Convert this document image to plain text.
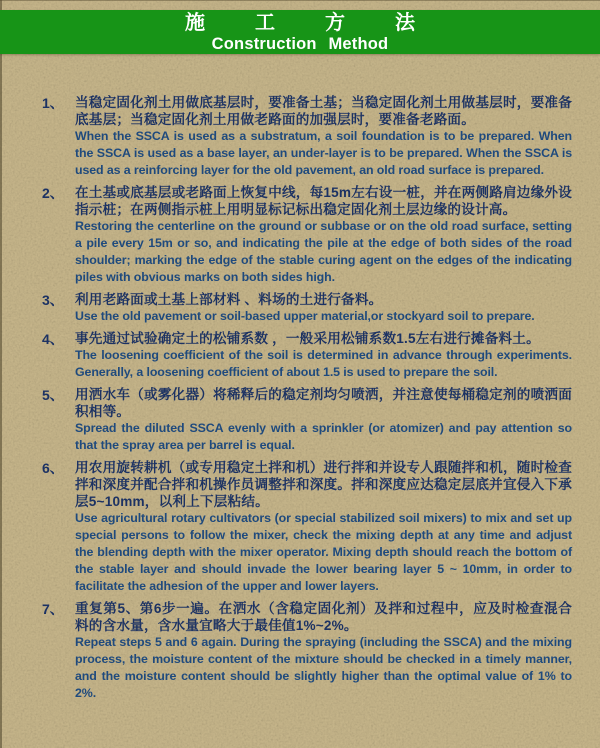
施工方法
Construction Method
1、 当稳定固化剂土用做底基层时，要准备土基；当稳定固化剂土用做基层时，要准备底基层；当稳定固化剂土用做老路面的加强层时，要准备老路面。

When the SSCA is used as a substratum, a soil foundation is to be prepared. When the SSCA is used as a base layer, an under-layer is to be prepared. When the SSCA is used as a reinforcing layer for the old pavement, an old road surface is prepared.

2、 在土基或底基层或老路面上恢复中线，每15m左右设一桩，并在两侧路肩边缘外设指示桩；在两侧指示桩上用明显标记标出稳定固化剂土层边缘的设计高。

Restoring the centerline on the ground or subbase or on the old road surface, setting a pile every 15m or so, and indicating the pile at the edge of both sides of the road shoulder; marking the edge of the stable curing agent on the edges of the indicating piles with obvious marks on both sides high.

3、 利用老路面或土基上部材料 、料场的土进行备料。

Use the old pavement or soil-based upper material,or stockyard soil to prepare.

4、 事先通过试验确定土的松铺系数 ，一般采用松铺系数1.5左右进行摊备料土。

The loosening coefficient of the soil is determined in advance through experiments. Generally, a loosening coefficient of about 1.5 is used to prepare the soil.

5、 用洒水车（或雾化器）将稀释后的稳定剂均匀喷洒，并注意使每桶稳定剂的喷洒面积相等。

Spread the diluted SSCA evenly with a sprinkler (or atomizer) and pay attention so that the spray area per barrel is equal.

6、 用农用旋转耕机（或专用稳定土拌和机）进行拌和并设专人跟随拌和机，随时检查拌和深度并配合拌和机操作员调整拌和深度。拌和深度应达稳定层底并宜侵入下承层5~10mm，以利上下层粘结。

Use agricultural rotary cultivators (or special stabilized soil mixers) to mix and set up special persons to follow the mixer, check the mixing depth at any time and adjust the blending depth with the mixer operator. Mixing depth should reach the bottom of the stable layer and should invade the lower bearing layer 5 ~ 10mm, in order to facilitate the adhesion of the upper and lower layers.

7、 重复第5、第6步一遍。在洒水（含稳定固化剂）及拌和过程中，应及时检查混合料的含水量，含水量宜略大于最佳值1%~2%。

Repeat steps 5 and 6 again. During the spraying (including the SSCA) and the mixing process, the moisture content of the mixture should be checked in a timely manner, and the moisture content should be slightly higher than the optimal value of 1% to 2%.
